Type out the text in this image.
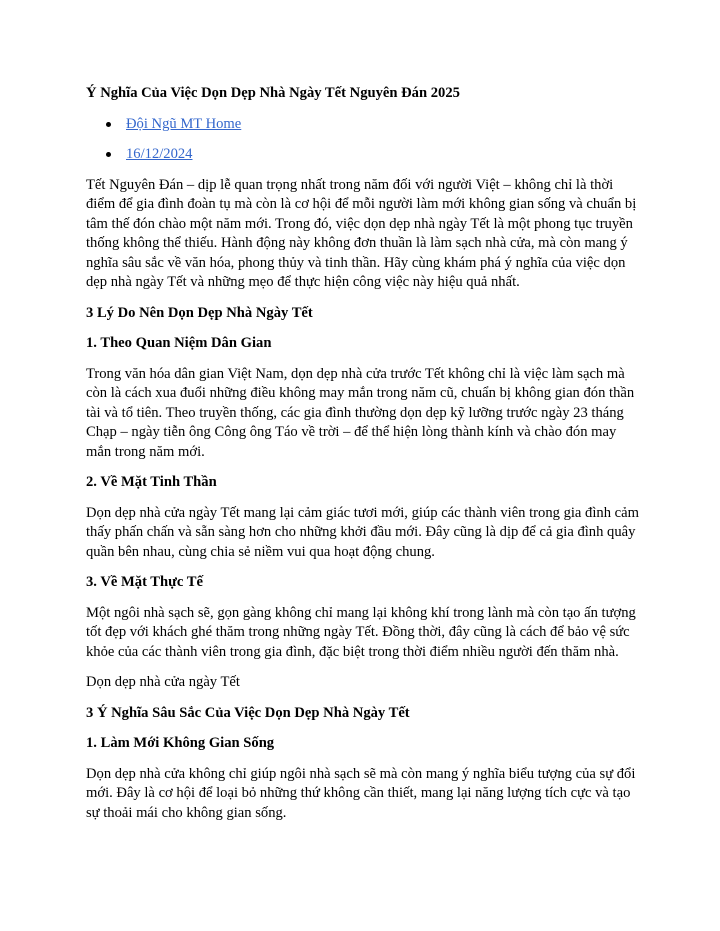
Ý Nghĩa Của Việc Dọn Dẹp Nhà Ngày Tết Nguyên Đán 2025
Đội Ngũ MT Home
16/12/2024

Tết Nguyên Đán – dịp lễ quan trọng nhất trong năm đối với người Việt – không chỉ là thời điểm để gia đình đoàn tụ mà còn là cơ hội để mỗi người làm mới không gian sống và chuẩn bị tâm thế đón chào một năm mới. Trong đó, việc dọn dẹp nhà ngày Tết là một phong tục truyền thống không thể thiếu. Hành động này không đơn thuần là làm sạch nhà cửa, mà còn mang ý nghĩa sâu sắc về văn hóa, phong thủy và tinh thần. Hãy cùng khám phá ý nghĩa của việc dọn dẹp nhà ngày Tết và những mẹo để thực hiện công việc này hiệu quả nhất.

3 Lý Do Nên Dọn Dẹp Nhà Ngày Tết
1. Theo Quan Niệm Dân Gian

Trong văn hóa dân gian Việt Nam, dọn dẹp nhà cửa trước Tết không chỉ là việc làm sạch mà còn là cách xua đuổi những điều không may mắn trong năm cũ, chuẩn bị không gian đón thần tài và tổ tiên. Theo truyền thống, các gia đình thường dọn dẹp kỹ lưỡng trước ngày 23 tháng Chạp – ngày tiễn ông Công ông Táo về trời – để thể hiện lòng thành kính và chào đón may mắn trong năm mới.

2. Về Mặt Tinh Thần

Dọn dẹp nhà cửa ngày Tết mang lại cảm giác tươi mới, giúp các thành viên trong gia đình cảm thấy phấn chấn và sẵn sàng hơn cho những khởi đầu mới. Đây cũng là dịp để cả gia đình quây quần bên nhau, cùng chia sẻ niềm vui qua hoạt động chung.

3. Về Mặt Thực Tế

Một ngôi nhà sạch sẽ, gọn gàng không chỉ mang lại không khí trong lành mà còn tạo ấn tượng tốt đẹp với khách ghé thăm trong những ngày Tết. Đồng thời, đây cũng là cách để bảo vệ sức khỏe của các thành viên trong gia đình, đặc biệt trong thời điểm nhiều người đến thăm nhà.

Dọn dẹp nhà cửa ngày Tết

3 Ý Nghĩa Sâu Sắc Của Việc Dọn Dẹp Nhà Ngày Tết
1. Làm Mới Không Gian Sống

Dọn dẹp nhà cửa không chỉ giúp ngôi nhà sạch sẽ mà còn mang ý nghĩa biểu tượng của sự đổi mới. Đây là cơ hội để loại bỏ những thứ không cần thiết, mang lại năng lượng tích cực và tạo sự thoải mái cho không gian sống.
